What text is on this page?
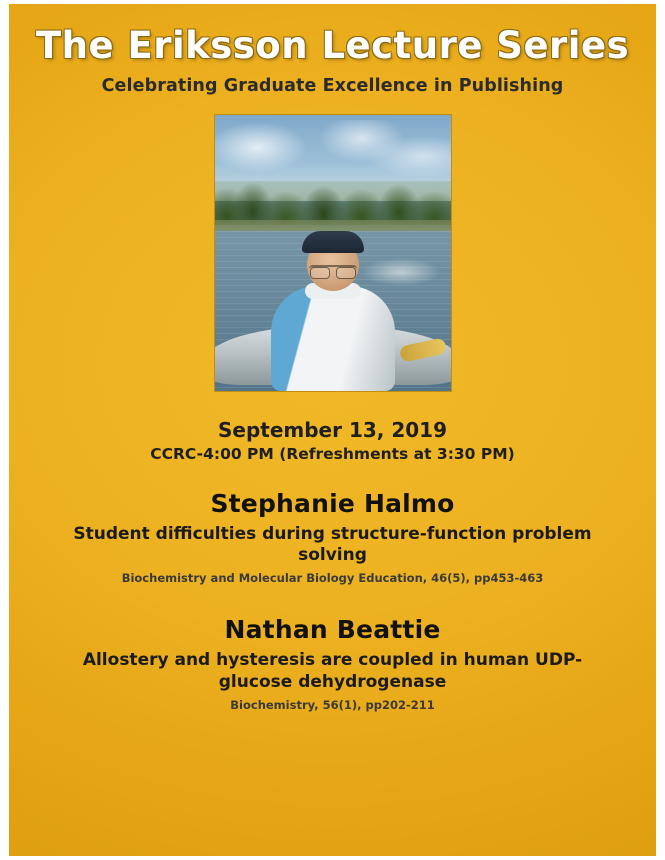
The Eriksson Lecture Series
Celebrating Graduate Excellence in Publishing
September 13, 2019
CCRC-4:00 PM (Refreshments at 3:30 PM)
Stephanie Halmo
Student difficulties during structure-function problem solving
Biochemistry and Molecular Biology Education, 46(5), pp453-463
Nathan Beattie
Allostery and hysteresis are coupled in human UDP-glucose dehydrogenase
Biochemistry, 56(1), pp202-211
